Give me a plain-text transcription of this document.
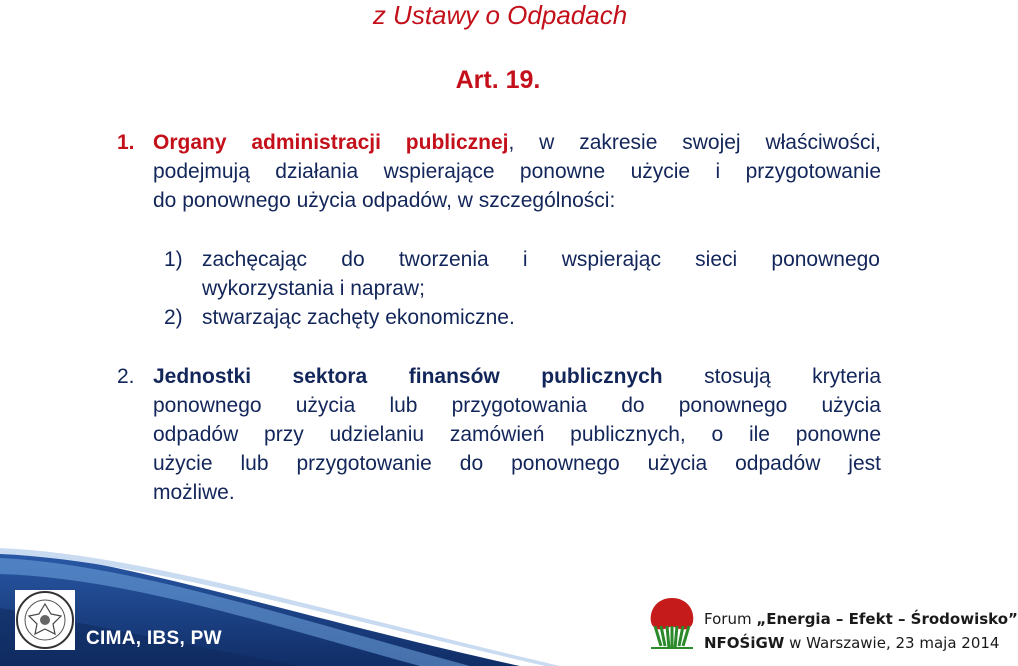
z Ustawy o Odpadach
Art. 19.
1. Organy administracji publicznej, w zakresie swojej właściwości,
podejmują działania wspierające ponowne użycie i przygotowanie
do ponownego użycia odpadów, w szczególności:
1) zachęcając do tworzenia i wspierając sieci ponownego
wykorzystania i napraw;
2) stwarzając zachęty ekonomiczne.
2. Jednostki sektora finansów publicznych stosują kryteria
ponownego użycia lub przygotowania do ponownego użycia
odpadów przy udzielaniu zamówień publicznych, o ile ponowne
użycie lub przygotowanie do ponownego użycia odpadów jest
możliwe.
CIMA, IBS, PW
Forum „Energia – Efekt – Środowisko”
NFOŚiGW w Warszawie, 23 maja 2014
